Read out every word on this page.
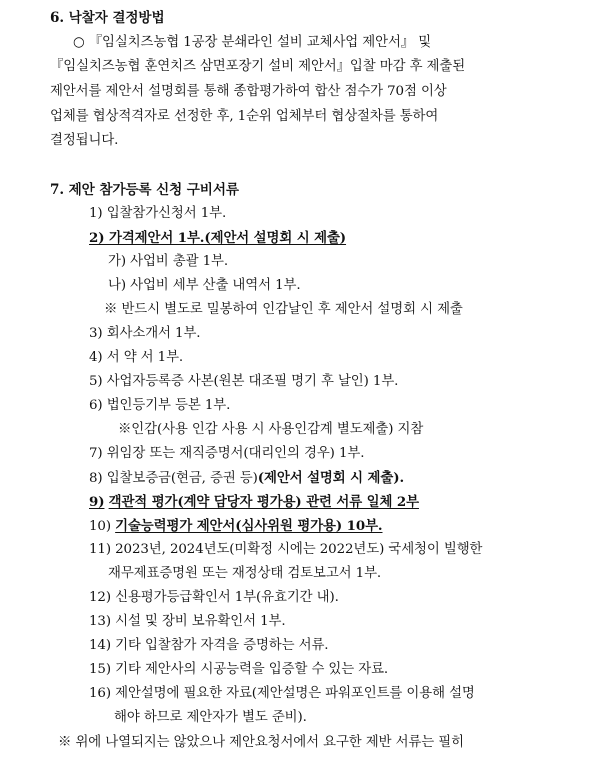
6. 낙찰자 결정방법
○ 『임실치즈농협 1공장 분쇄라인 설비 교체사업 제안서』 및
『임실치즈농협 훈연치즈 삼면포장기 설비 제안서』입찰 마감 후 제출된
제안서를 제안서 설명회를 통해 종합평가하여 합산 점수가 70점 이상
업체를 협상적격자로 선정한 후, 1순위 업체부터 협상절차를 통하여
결정됩니다.
7. 제안 참가등록 신청 구비서류
1) 입찰참가신청서 1부.
2) 가격제안서 1부.(제안서 설명회 시 제출)
가) 사업비 총괄 1부.
나) 사업비 세부 산출 내역서 1부.
※ 반드시 별도로 밀봉하여 인감날인 후 제안서 설명회 시 제출
3) 회사소개서 1부.
4) 서 약 서 1부.
5) 사업자등록증 사본(원본 대조필 명기 후 날인) 1부.
6) 법인등기부 등본 1부.
※인감(사용 인감 사용 시 사용인감계 별도제출) 지참
7) 위임장 또는 재직증명서(대리인의 경우) 1부.
8) 입찰보증금(현금, 증권 등)(제안서 설명회 시 제출).
9) 객관적 평가(계약 담당자 평가용) 관련 서류 일체 2부
10) 기술능력평가 제안서(심사위원 평가용) 10부.
11) 2023년, 2024년도(미확정 시에는 2022년도) 국세청이 빌행한
재무제표증명원 또는 재정상태 검토보고서 1부.
12) 신용평가등급확인서 1부(유효기간 내).
13) 시설 및 장비 보유확인서 1부.
14) 기타 입찰참가 자격을 증명하는 서류.
15) 기타 제안사의 시공능력을 입증할 수 있는 자료.
16) 제안설명에 필요한 자료(제안설명은 파워포인트를 이용해 설명
해야 하므로 제안자가 별도 준비).
※ 위에 나열되지는 않았으나 제안요청서에서 요구한 제반 서류는 필히
